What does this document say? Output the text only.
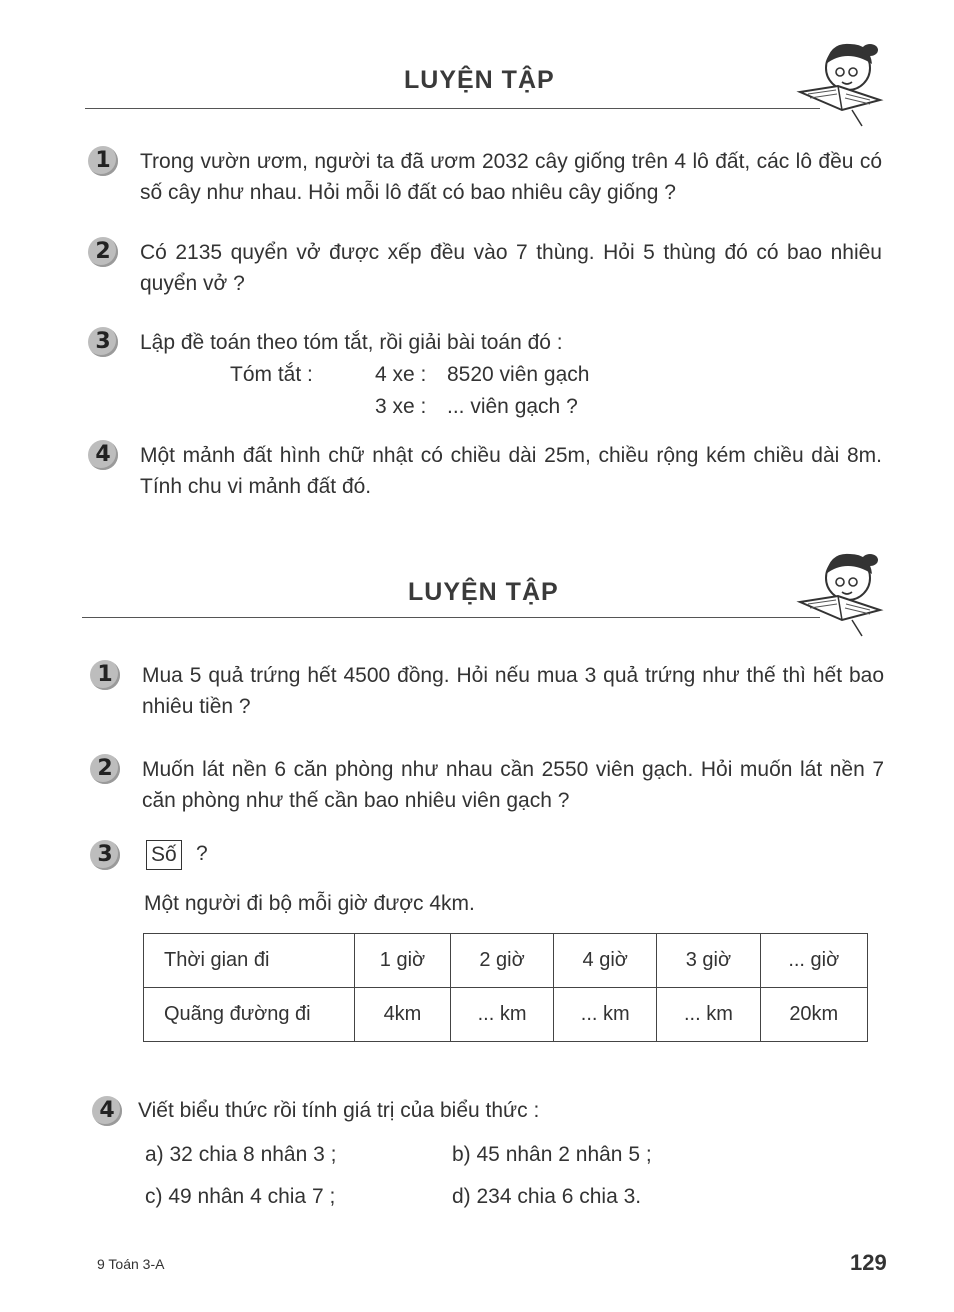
LUYỆN TẬP
1	Trong vườn ươm, người ta đã ươm 2032 cây giống trên 4 lô đất, các lô đều có số cây như nhau. Hỏi mỗi lô đất có bao nhiêu cây giống ?
2	Có 2135 quyển vở được xếp đều vào 7 thùng. Hỏi 5 thùng đó có bao nhiêu quyển vở ?
3	Lập đề toán theo tóm tắt, rồi giải bài toán đó :
Tóm tắt :	4 xe : 8520 viên gạch
3 xe : ... viên gạch ?
4	Một mảnh đất hình chữ nhật có chiều dài 25m, chiều rộng kém chiều dài 8m. Tính chu vi mảnh đất đó.
LUYỆN TẬP
1	Mua 5 quả trứng hết 4500 đồng. Hỏi nếu mua 3 quả trứng như thế thì hết bao nhiêu tiền ?
2	Muốn lát nền 6 căn phòng như nhau cần 2550 viên gạch. Hỏi muốn lát nền 7 căn phòng như thế cần bao nhiêu viên gạch ?
3	Số ?
Một người đi bộ mỗi giờ được 4km.
Thời gian đi	1 giờ	2 giờ	4 giờ	3 giờ	... giờ
Quãng đường đi	4km	... km	... km	... km	20km
4	Viết biểu thức rồi tính giá trị của biểu thức :
a) 32 chia 8 nhân 3 ;	b) 45 nhân 2 nhân 5 ;
c) 49 nhân 4 chia 7 ;	d) 234 chia 6 chia 3.
9 Toán 3-A	129
